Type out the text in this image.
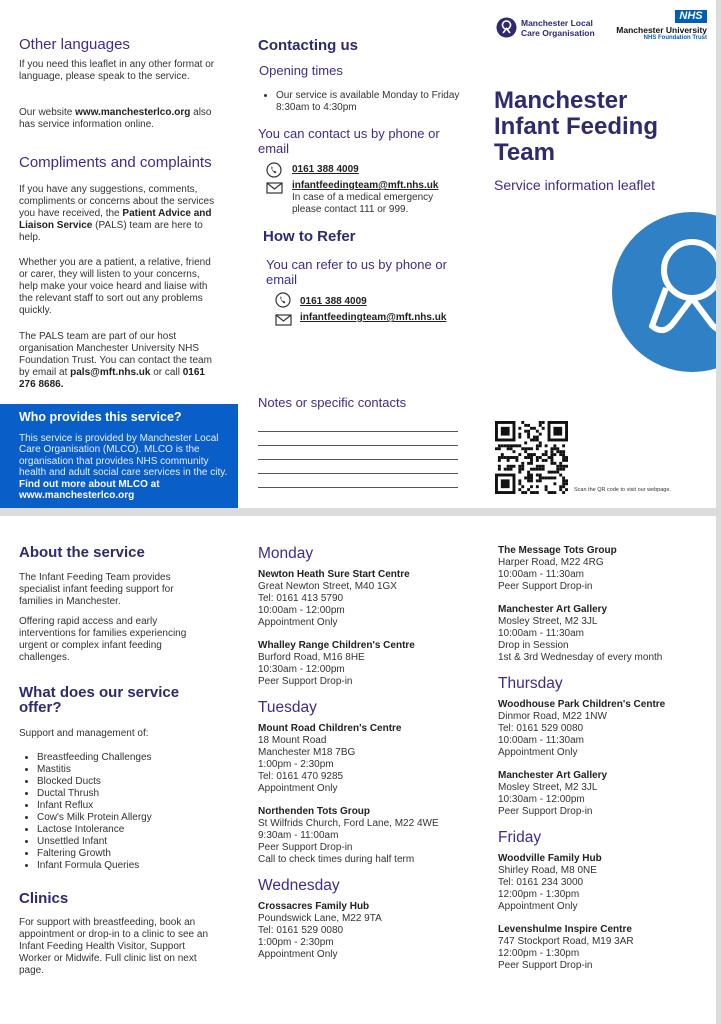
Other languages
If you need this leaflet in any other format or language, please speak to the service.
Our website www.manchesterlco.org also has service information online.
Compliments and complaints
If you have any suggestions, comments, compliments or concerns about the services you have received, the Patient Advice and Liaison Service (PALS) team are here to help.
Whether you are a patient, a relative, friend or carer, they will listen to your concerns, help make your voice heard and liaise with the relevant staff to sort out any problems quickly.
The PALS team are part of our host organisation Manchester University NHS Foundation Trust. You can contact the team by email at pals@mft.nhs.uk or call 0161 276 8686.
Who provides this service?
This service is provided by Manchester Local Care Organisation (MLCO). MLCO is the organisation that provides NHS community health and adult social care services in the city. Find out more about MLCO at www.manchesterlco.org
Contacting us
Opening times
• Our service is available Monday to Friday 8:30am to 4:30pm
You can contact us by phone or email
0161 388 4009
infantfeedingteam@mft.nhs.uk
In case of a medical emergency please contact 111 or 999.
How to Refer
You can refer to us by phone or email
0161 388 4009
infantfeedingteam@mft.nhs.uk
Notes or specific contacts
Manchester Local
Care Organisation
NHS
Manchester University
NHS Foundation Trust
Manchester
Infant Feeding
Team
Service information leaflet
Scan the QR code to visit our webpage.
About the service
The Infant Feeding Team provides specialist infant feeding support for families in Manchester.
Offering rapid access and early interventions for families experiencing urgent or complex infant feeding challenges.
What does our service
offer?
Support and management of:
• Breastfeeding Challenges
• Mastitis
• Blocked Ducts
• Ductal Thrush
• Infant Reflux
• Cow's Milk Protein Allergy
• Lactose Intolerance
• Unsettled Infant
• Faltering Growth
• Infant Formula Queries
Clinics
For support with breastfeeding, book an appointment or drop-in to a clinic to see an Infant Feeding Health Visitor, Support Worker or Midwife. Full clinic list on next page.
Monday
Newton Heath Sure Start Centre
Great Newton Street, M40 1GX
Tel: 0161 413 5790
10:00am - 12:00pm
Appointment Only
Whalley Range Children's Centre
Burford Road, M16 8HE
10:30am - 12:00pm
Peer Support Drop-in
Tuesday
Mount Road Children's Centre
18 Mount Road
Manchester M18 7BG
1:00pm - 2:30pm
Tel: 0161 470 9285
Appointment Only
Northenden Tots Group
St Wilfrids Church, Ford Lane, M22 4WE
9:30am - 11:00am
Peer Support Drop-in
Call to check times during half term
Wednesday
Crossacres Family Hub
Poundswick Lane, M22 9TA
Tel: 0161 529 0080
1:00pm - 2:30pm
Appointment Only
The Message Tots Group
Harper Road, M22 4RG
10:00am - 11:30am
Peer Support Drop-in
Manchester Art Gallery
Mosley Street, M2 3JL
10:00am - 11:30am
Drop in Session
1st & 3rd Wednesday of every month
Thursday
Woodhouse Park Children's Centre
Dinmor Road, M22 1NW
Tel: 0161 529 0080
10:00am - 11:30am
Appointment Only
Manchester Art Gallery
Mosley Street, M2 3JL
10:30am - 12:00pm
Peer Support Drop-in
Friday
Woodville Family Hub
Shirley Road, M8 0NE
Tel: 0161 234 3000
12:00pm - 1:30pm
Appointment Only
Levenshulme Inspire Centre
747 Stockport Road, M19 3AR
12:00pm - 1:30pm
Peer Support Drop-in
